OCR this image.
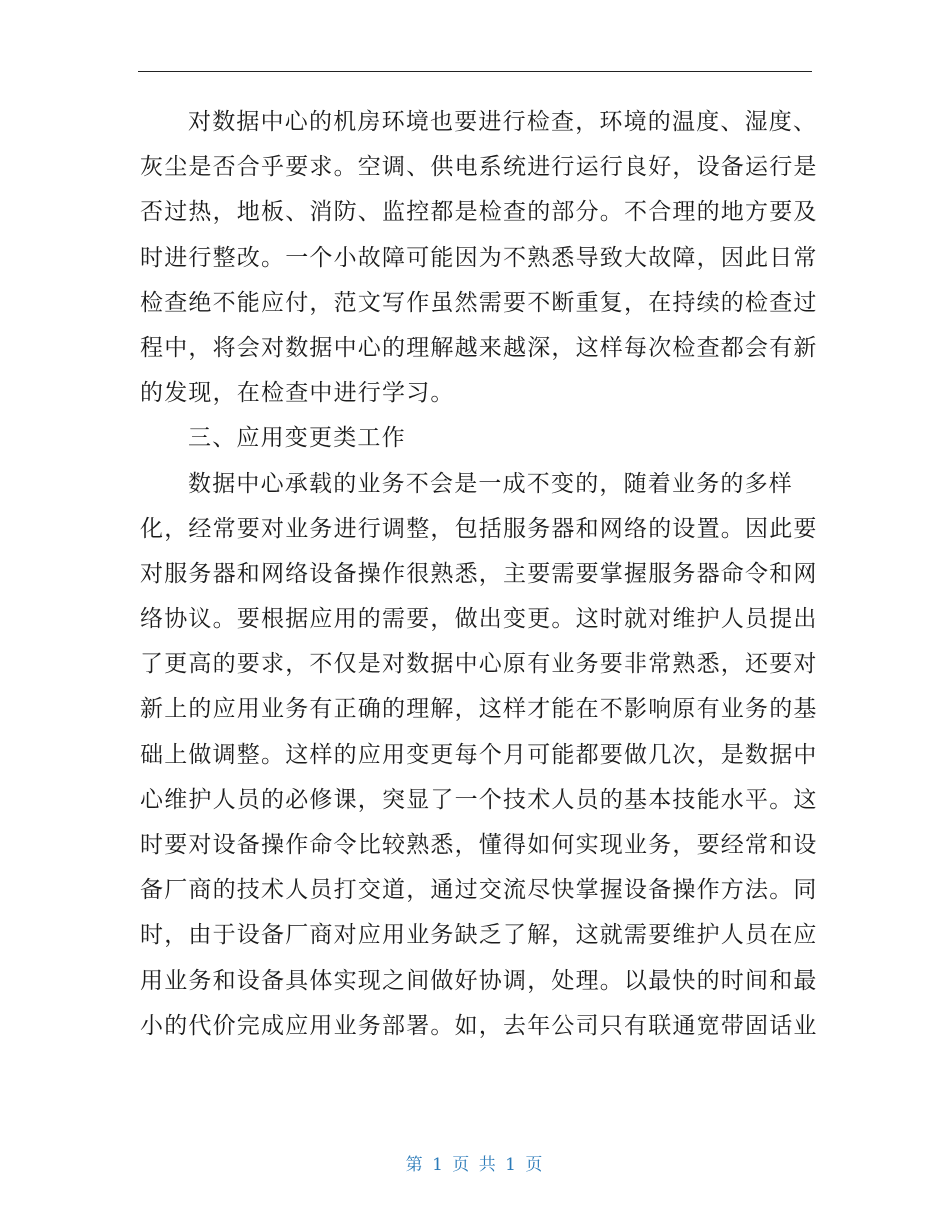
对数据中心的机房环境也要进行检查，环境的温度、湿度、
灰尘是否合乎要求。空调、供电系统进行运行良好，设备运行是
否过热，地板、消防、监控都是检查的部分。不合理的地方要及
时进行整改。一个小故障可能因为不熟悉导致大故障，因此日常
检查绝不能应付，范文写作虽然需要不断重复，在持续的检查过
程中，将会对数据中心的理解越来越深，这样每次检查都会有新
的发现，在检查中进行学习。
三、应用变更类工作
数据中心承载的业务不会是一成不变的，随着业务的多样
化，经常要对业务进行调整，包括服务器和网络的设置。因此要
对服务器和网络设备操作很熟悉，主要需要掌握服务器命令和网
络协议。要根据应用的需要，做出变更。这时就对维护人员提出
了更高的要求，不仅是对数据中心原有业务要非常熟悉，还要对
新上的应用业务有正确的理解，这样才能在不影响原有业务的基
础上做调整。这样的应用变更每个月可能都要做几次，是数据中
心维护人员的必修课，突显了一个技术人员的基本技能水平。这
时要对设备操作命令比较熟悉，懂得如何实现业务，要经常和设
备厂商的技术人员打交道，通过交流尽快掌握设备操作方法。同
时，由于设备厂商对应用业务缺乏了解，这就需要维护人员在应
用业务和设备具体实现之间做好协调，处理。以最快的时间和最
小的代价完成应用业务部署。如，去年公司只有联通宽带固话业
第 1 页 共 1 页
